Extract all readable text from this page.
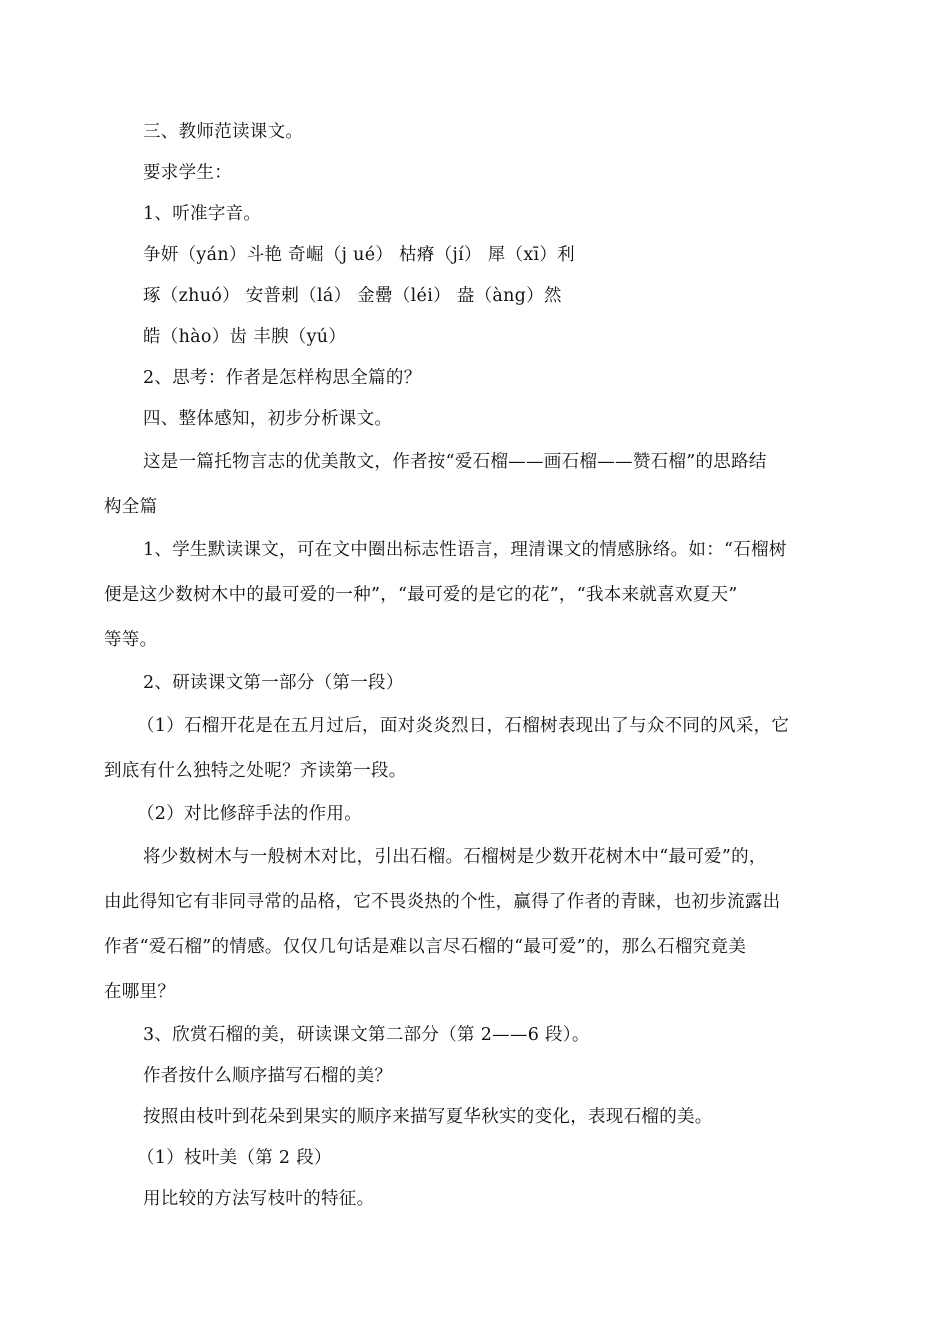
三、教师范读课文。
要求学生：
1、听准字音。
争妍（yán）斗艳 奇崛（j ué） 枯瘠（jí） 犀（xī）利
琢（zhuó） 安普剌（lá） 金罍（léi） 盎（àng）然
皓（hào）齿 丰腴（yú）
2、思考：作者是怎样构思全篇的？
四、整体感知，初步分析课文。
这是一篇托物言志的优美散文，作者按“爱石榴——画石榴——赞石榴”的思路结
构全篇
1、学生默读课文，可在文中圈出标志性语言，理清课文的情感脉络。如：“石榴树
便是这少数树木中的最可爱的一种”，“最可爱的是它的花”，“我本来就喜欢夏天”
等等。
2、研读课文第一部分（第一段）
（1）石榴开花是在五月过后，面对炎炎烈日，石榴树表现出了与众不同的风采，它
到底有什么独特之处呢？齐读第一段。
（2）对比修辞手法的作用。
将少数树木与一般树木对比，引出石榴。石榴树是少数开花树木中“最可爱”的，
由此得知它有非同寻常的品格，它不畏炎热的个性，赢得了作者的青睐，也初步流露出
作者“爱石榴”的情感。仅仅几句话是难以言尽石榴的“最可爱”的，那么石榴究竟美
在哪里？
3、欣赏石榴的美，研读课文第二部分（第 2——6 段）。
作者按什么顺序描写石榴的美？
按照由枝叶到花朵到果实的顺序来描写夏华秋实的变化，表现石榴的美。
（1）枝叶美（第 2 段）
用比较的方法写枝叶的特征。
